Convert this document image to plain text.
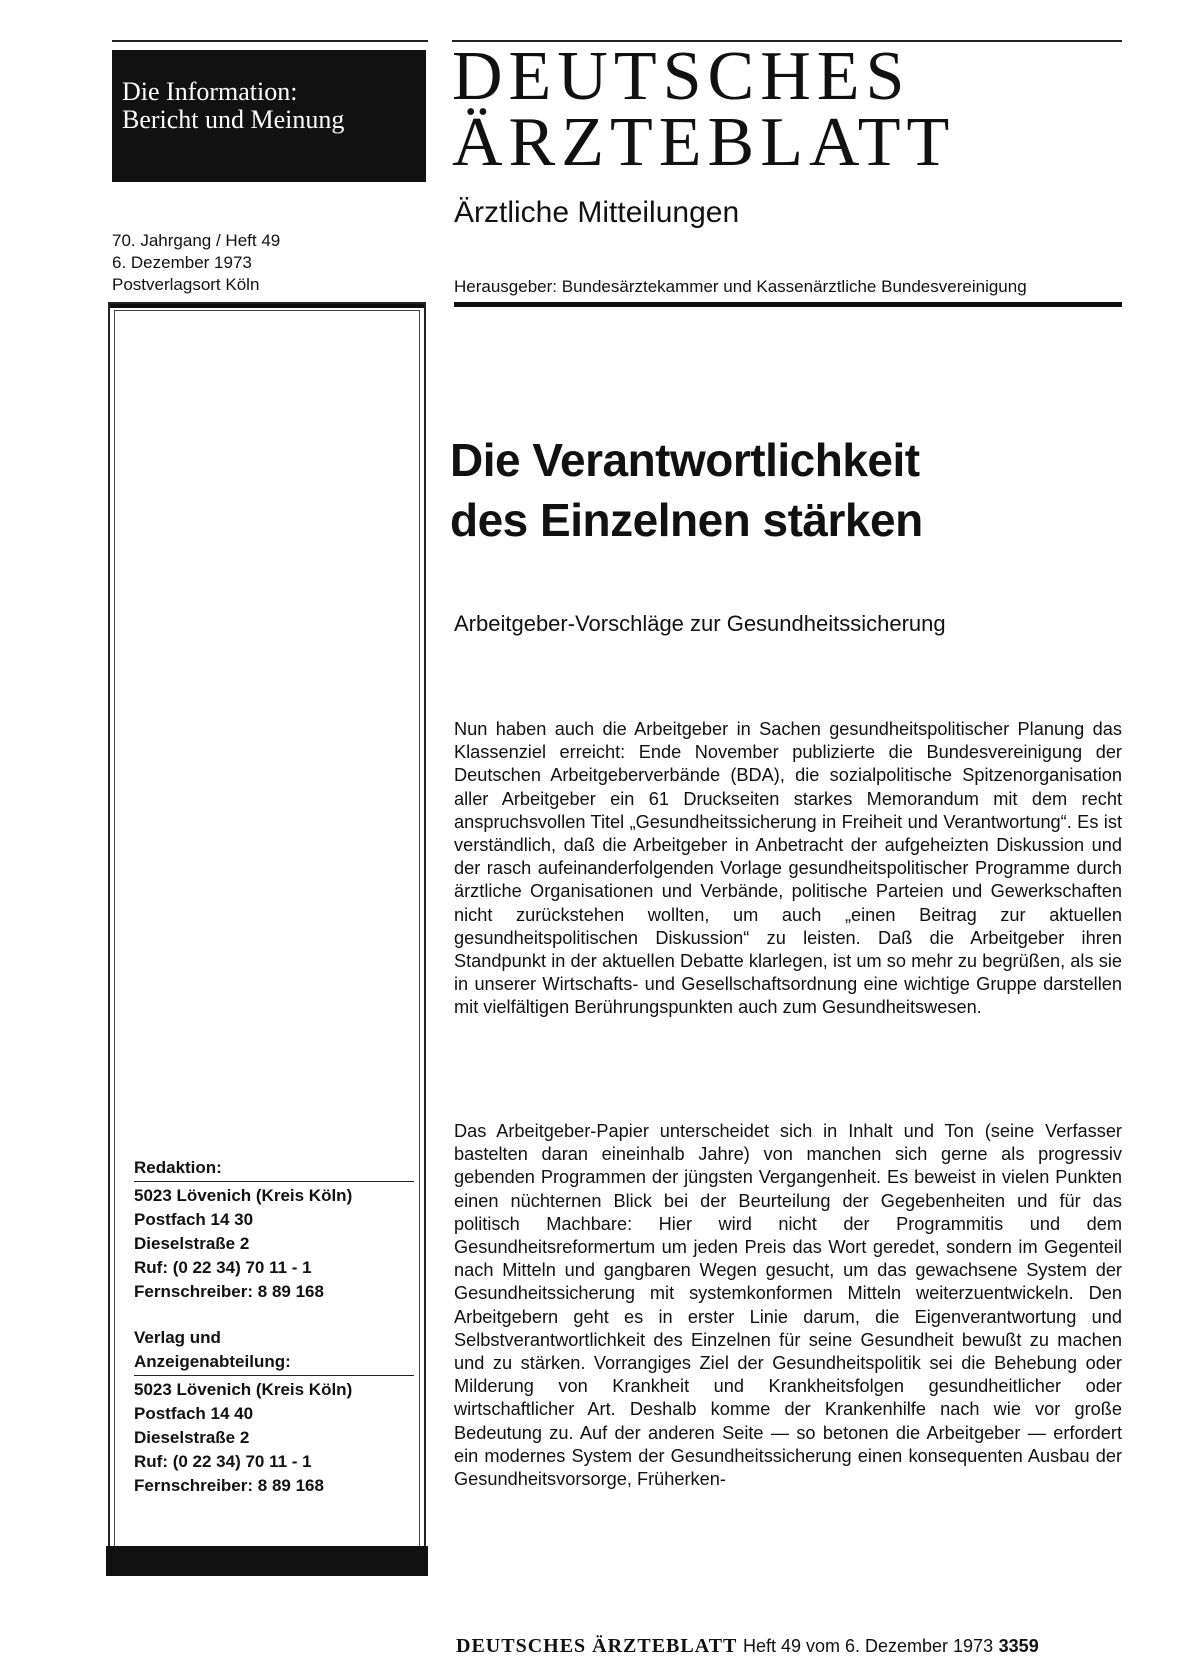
Die Information:
Bericht und Meinung
70. Jahrgang / Heft 49
6. Dezember 1973
Postverlagsort Köln
Redaktion:
5023 Lövenich (Kreis Köln)
Postfach 14 30
Dieselstraße 2
Ruf: (0 22 34) 70 11 - 1
Fernschreiber: 8 89 168
Verlag und
Anzeigenabteilung:
5023 Lövenich (Kreis Köln)
Postfach 14 40
Dieselstraße 2
Ruf: (0 22 34) 70 11 - 1
Fernschreiber: 8 89 168
DEUTSCHES
ÄRZTEBLATT
Ärztliche Mitteilungen
Herausgeber: Bundesärztekammer und Kassenärztliche Bundesvereinigung
Die Verantwortlichkeit
des Einzelnen stärken
Arbeitgeber-Vorschläge zur Gesundheitssicherung

Nun haben auch die Arbeitgeber in Sachen gesundheitspolitischer Planung das Klassenziel erreicht: Ende November publizierte die Bundesvereinigung der Deutschen Arbeitgeberverbände (BDA), die sozialpolitische Spitzenorganisation aller Arbeitgeber ein 61 Druckseiten starkes Memorandum mit dem recht anspruchsvollen Titel „Gesundheitssicherung in Freiheit und Verantwortung“. Es ist verständlich, daß die Arbeitgeber in Anbetracht der aufgeheizten Diskussion und der rasch aufeinanderfolgenden Vorlage gesundheitspolitischer Programme durch ärztliche Organisationen und Verbände, politische Parteien und Gewerkschaften nicht zurückstehen wollten, um auch „einen Beitrag zur aktuellen gesundheitspolitischen Diskussion“ zu leisten. Daß die Arbeitgeber ihren Standpunkt in der aktuellen Debatte klarlegen, ist um so mehr zu begrüßen, als sie in unserer Wirtschafts- und Gesellschaftsordnung eine wichtige Gruppe darstellen mit vielfältigen Berührungspunkten auch zum Gesundheitswesen.

Das Arbeitgeber-Papier unterscheidet sich in Inhalt und Ton (seine Verfasser bastelten daran eineinhalb Jahre) von manchen sich gerne als progressiv gebenden Programmen der jüngsten Vergangenheit. Es beweist in vielen Punkten einen nüchternen Blick bei der Beurteilung der Gegebenheiten und für das politisch Machbare: Hier wird nicht der Programmitis und dem Gesundheitsreformertum um jeden Preis das Wort geredet, sondern im Gegenteil nach Mitteln und gangbaren Wegen gesucht, um das gewachsene System der Gesundheitssicherung mit systemkonformen Mitteln weiterzuentwickeln. Den Arbeitgebern geht es in erster Linie darum, die Eigenverantwortung und Selbstverantwortlichkeit des Einzelnen für seine Gesundheit bewußt zu machen und zu stärken. Vorrangiges Ziel der Gesundheitspolitik sei die Behebung oder Milderung von Krankheit und Krankheitsfolgen gesundheitlicher oder wirtschaftlicher Art. Deshalb komme der Krankenhilfe nach wie vor große Bedeutung zu. Auf der anderen Seite — so betonen die Arbeitgeber — erfordert ein modernes System der Gesundheitssicherung einen konsequenten Ausbau der Gesundheitsvorsorge, Früherken-

DEUTSCHES ÄRZTEBLATT Heft 49 vom 6. Dezember 1973 3359
